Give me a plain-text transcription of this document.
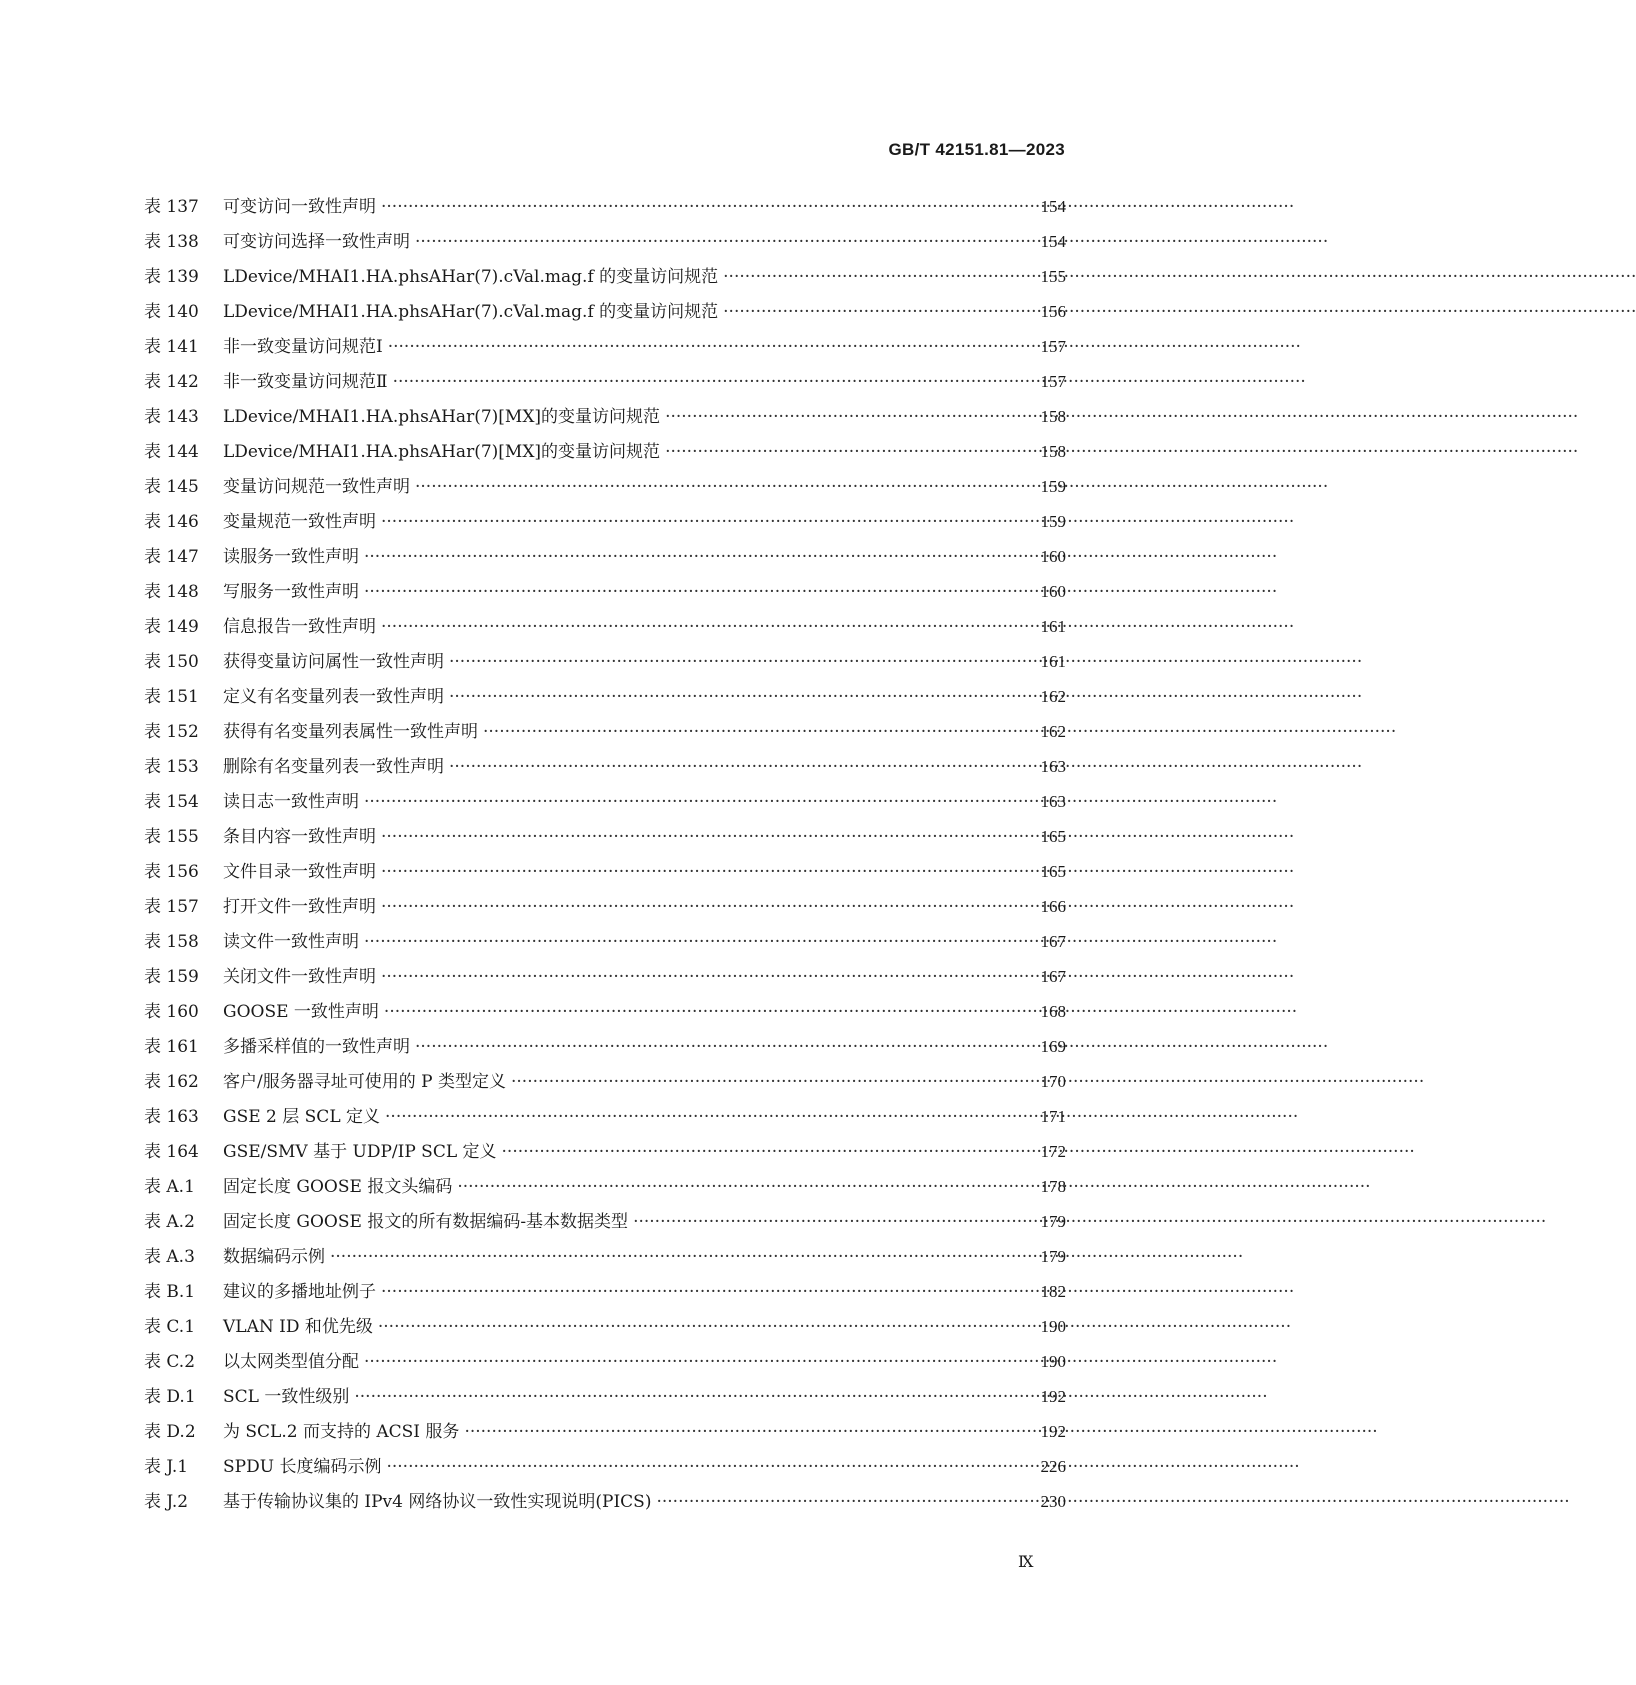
GB/T 42151.81—2023
表 137	可变访问一致性声明 ·····	154
表 138	可变访问选择一致性声明 ·····	154
表 139	LDevice/MHAI1.HA.phsAHar(7).cVal.mag.f 的变量访问规范 ·····	155
表 140	LDevice/MHAI1.HA.phsAHar(7).cVal.mag.f 的变量访问规范 ·····	156
表 141	非一致变量访问规范Ⅰ ·····	157
表 142	非一致变量访问规范Ⅱ ·····	157
表 143	LDevice/MHAI1.HA.phsAHar(7)[MX]的变量访问规范 ·····	158
表 144	LDevice/MHAI1.HA.phsAHar(7)[MX]的变量访问规范 ·····	158
表 145	变量访问规范一致性声明 ·····	159
表 146	变量规范一致性声明 ·····	159
表 147	读服务一致性声明 ·····	160
表 148	写服务一致性声明 ·····	160
表 149	信息报告一致性声明 ·····	161
表 150	获得变量访问属性一致性声明 ·····	161
表 151	定义有名变量列表一致性声明 ·····	162
表 152	获得有名变量列表属性一致性声明 ·····	162
表 153	删除有名变量列表一致性声明 ·····	163
表 154	读日志一致性声明 ·····	163
表 155	条目内容一致性声明 ·····	165
表 156	文件目录一致性声明 ·····	165
表 157	打开文件一致性声明 ·····	166
表 158	读文件一致性声明 ·····	167
表 159	关闭文件一致性声明 ·····	167
表 160	GOOSE 一致性声明 ·····	168
表 161	多播采样值的一致性声明 ·····	169
表 162	客户/服务器寻址可使用的 P 类型定义 ·····	170
表 163	GSE 2 层 SCL 定义 ·····	171
表 164	GSE/SMV 基于 UDP/IP SCL 定义 ·····	172
表 A.1	固定长度 GOOSE 报文头编码 ·····	178
表 A.2	固定长度 GOOSE 报文的所有数据编码-基本数据类型 ·····	179
表 A.3	数据编码示例 ·····	179
表 B.1	建议的多播地址例子 ·····	182
表 C.1	VLAN ID 和优先级 ·····	190
表 C.2	以太网类型值分配 ·····	190
表 D.1	SCL 一致性级别 ·····	192
表 D.2	为 SCL.2 而支持的 ACSI 服务 ·····	192
表 J.1	SPDU 长度编码示例 ·····	226
表 J.2	基于传输协议集的 IPv4 网络协议一致性实现说明(PICS) ·····	230
Ⅸ
